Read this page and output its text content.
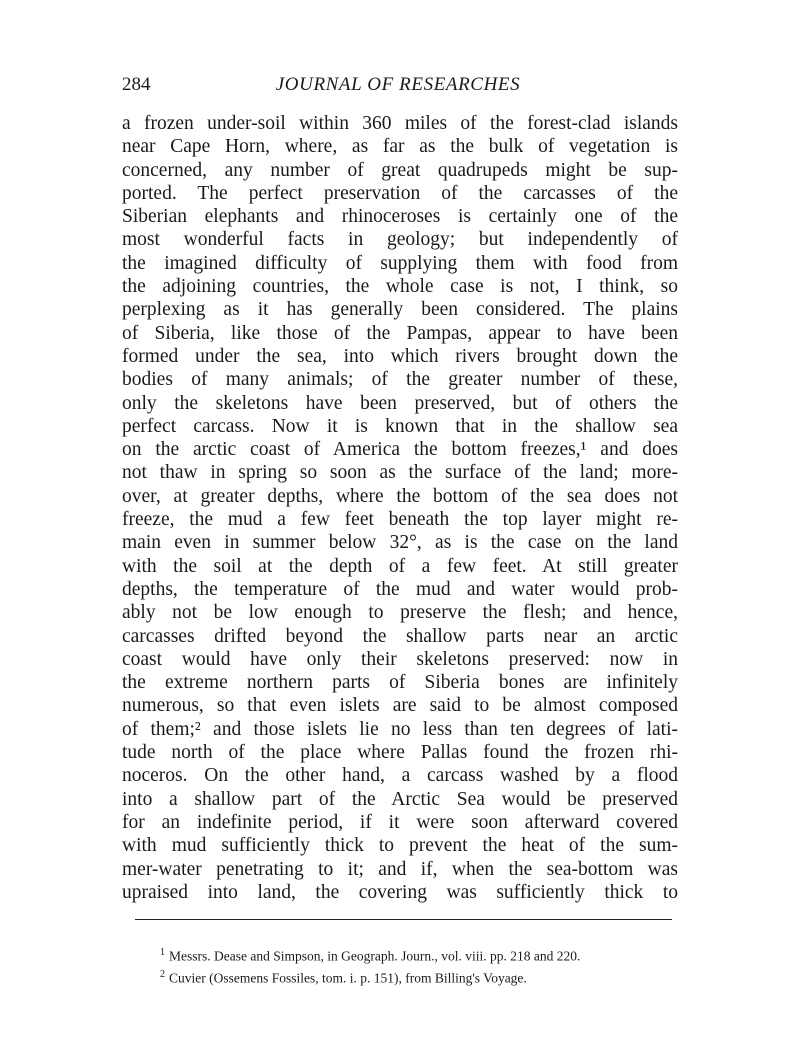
284	JOURNAL OF RESEARCHES
a frozen under-soil within 360 miles of the forest-clad islands
near Cape Horn, where, as far as the bulk of vegetation is
concerned, any number of great quadrupeds might be sup-
ported. The perfect preservation of the carcasses of the
Siberian elephants and rhinoceroses is certainly one of the
most wonderful facts in geology; but independently of
the imagined difficulty of supplying them with food from
the adjoining countries, the whole case is not, I think, so
perplexing as it has generally been considered. The plains
of Siberia, like those of the Pampas, appear to have been
formed under the sea, into which rivers brought down the
bodies of many animals; of the greater number of these,
only the skeletons have been preserved, but of others the
perfect carcass. Now it is known that in the shallow sea
on the arctic coast of America the bottom freezes,¹ and does
not thaw in spring so soon as the surface of the land; more-
over, at greater depths, where the bottom of the sea does not
freeze, the mud a few feet beneath the top layer might re-
main even in summer below 32°, as is the case on the land
with the soil at the depth of a few feet. At still greater
depths, the temperature of the mud and water would prob-
ably not be low enough to preserve the flesh; and hence,
carcasses drifted beyond the shallow parts near an arctic
coast would have only their skeletons preserved: now in
the extreme northern parts of Siberia bones are infinitely
numerous, so that even islets are said to be almost composed
of them;² and those islets lie no less than ten degrees of lati-
tude north of the place where Pallas found the frozen rhi-
noceros. On the other hand, a carcass washed by a flood
into a shallow part of the Arctic Sea would be preserved
for an indefinite period, if it were soon afterward covered
with mud sufficiently thick to prevent the heat of the sum-
mer-water penetrating to it; and if, when the sea-bottom was
upraised into land, the covering was sufficiently thick to
$^1$ Messrs. Dease and Simpson, in Geograph. Journ., vol. viii. pp. 218 and 220.
$^2$ Cuvier (Ossemens Fossiles, tom. i. p. 151), from Billing's Voyage.
